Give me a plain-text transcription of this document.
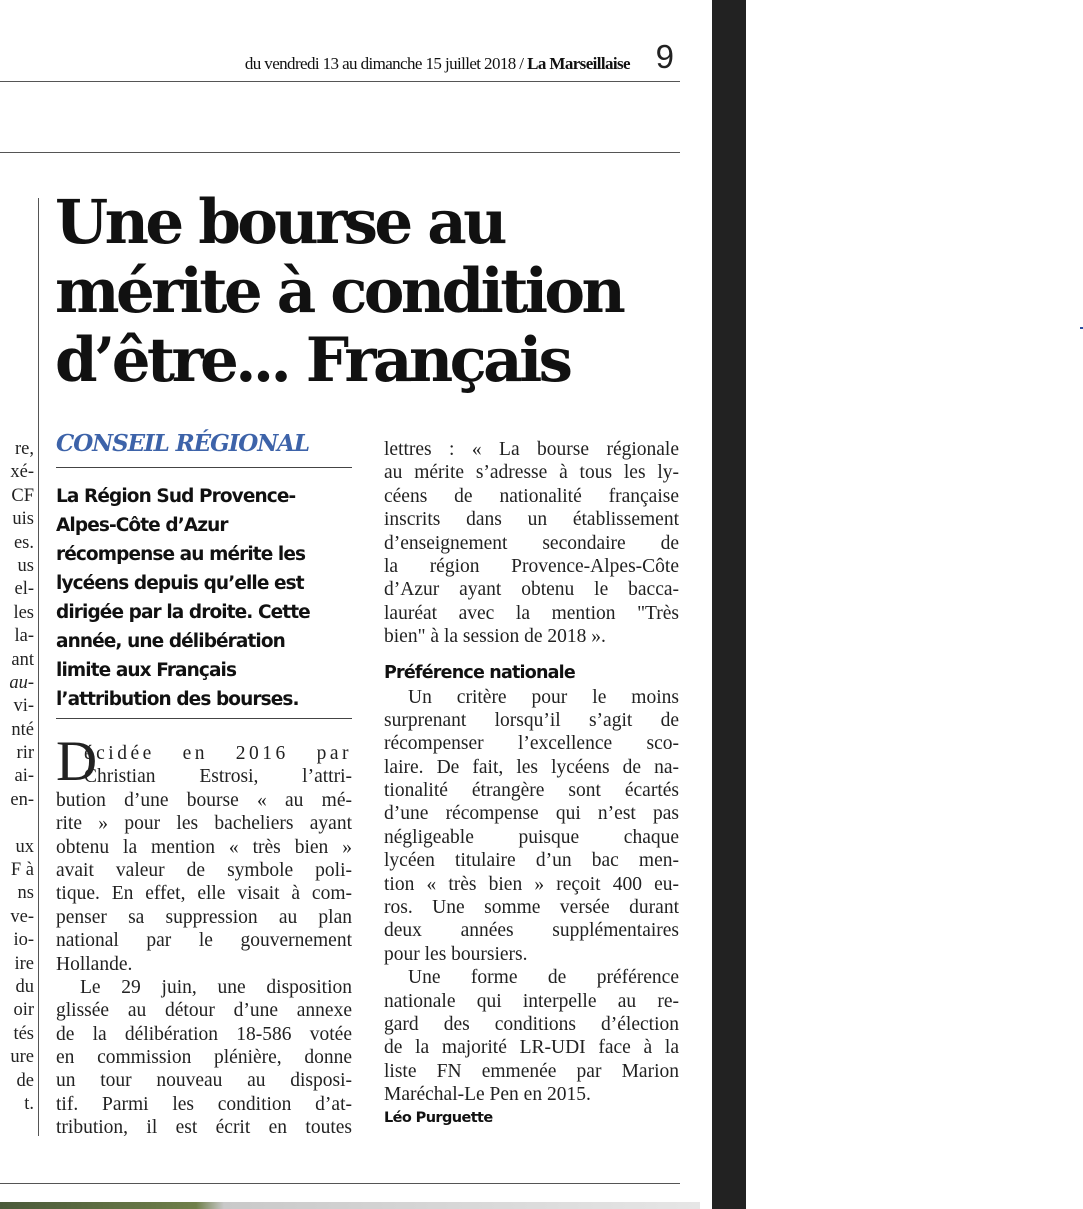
du vendredi 13 au dimanche 15 juillet 2018 / La Marseillaise 9
re,
xé-
CF
uis
es.
us
el-
les
la-
ant
au-
vi-
nté
rir
ai-
en-
ux
F à
ns
ve-
io-
ire
du
oir
tés
ure
de
t.
Une bourse au
mérite à condition
d’être... Français
CONSEIL RÉGIONAL
La Région Sud Provence-
Alpes-Côte d’Azur
récompense au mérite les
lycéens depuis qu’elle est
dirigée par la droite. Cette
année, une délibération
limite aux Français
l’attribution des bourses.
D
écidée en 2016 par
Christian Estrosi, l’attri-
bution d’une bourse « au mé-
rite » pour les bacheliers ayant
obtenu la mention « très bien »
avait valeur de symbole poli-
tique. En effet, elle visait à com-
penser sa suppression au plan
national par le gouvernement
Hollande.
Le 29 juin, une disposition
glissée au détour d’une annexe
de la délibération 18-586 votée
en commission plénière, donne
un tour nouveau au disposi-
tif. Parmi les condition d’at-
tribution, il est écrit en toutes
lettres : « La bourse régionale
au mérite s’adresse à tous les ly-
céens de nationalité française
inscrits dans un établissement
d’enseignement secondaire de
la région Provence-Alpes-Côte
d’Azur ayant obtenu le bacca-
lauréat avec la mention "Très
bien" à la session de 2018 ».
Préférence nationale
Un critère pour le moins
surprenant lorsqu’il s’agit de
récompenser l’excellence sco-
laire. De fait, les lycéens de na-
tionalité étrangère sont écartés
d’une récompense qui n’est pas
négligeable puisque chaque
lycéen titulaire d’un bac men-
tion « très bien » reçoit 400 eu-
ros. Une somme versée durant
deux années supplémentaires
pour les boursiers.
Une forme de préférence
nationale qui interpelle au re-
gard des conditions d’élection
de la majorité LR-UDI face à la
liste FN emmenée par Marion
Maréchal-Le Pen en 2015.
Léo Purguette
